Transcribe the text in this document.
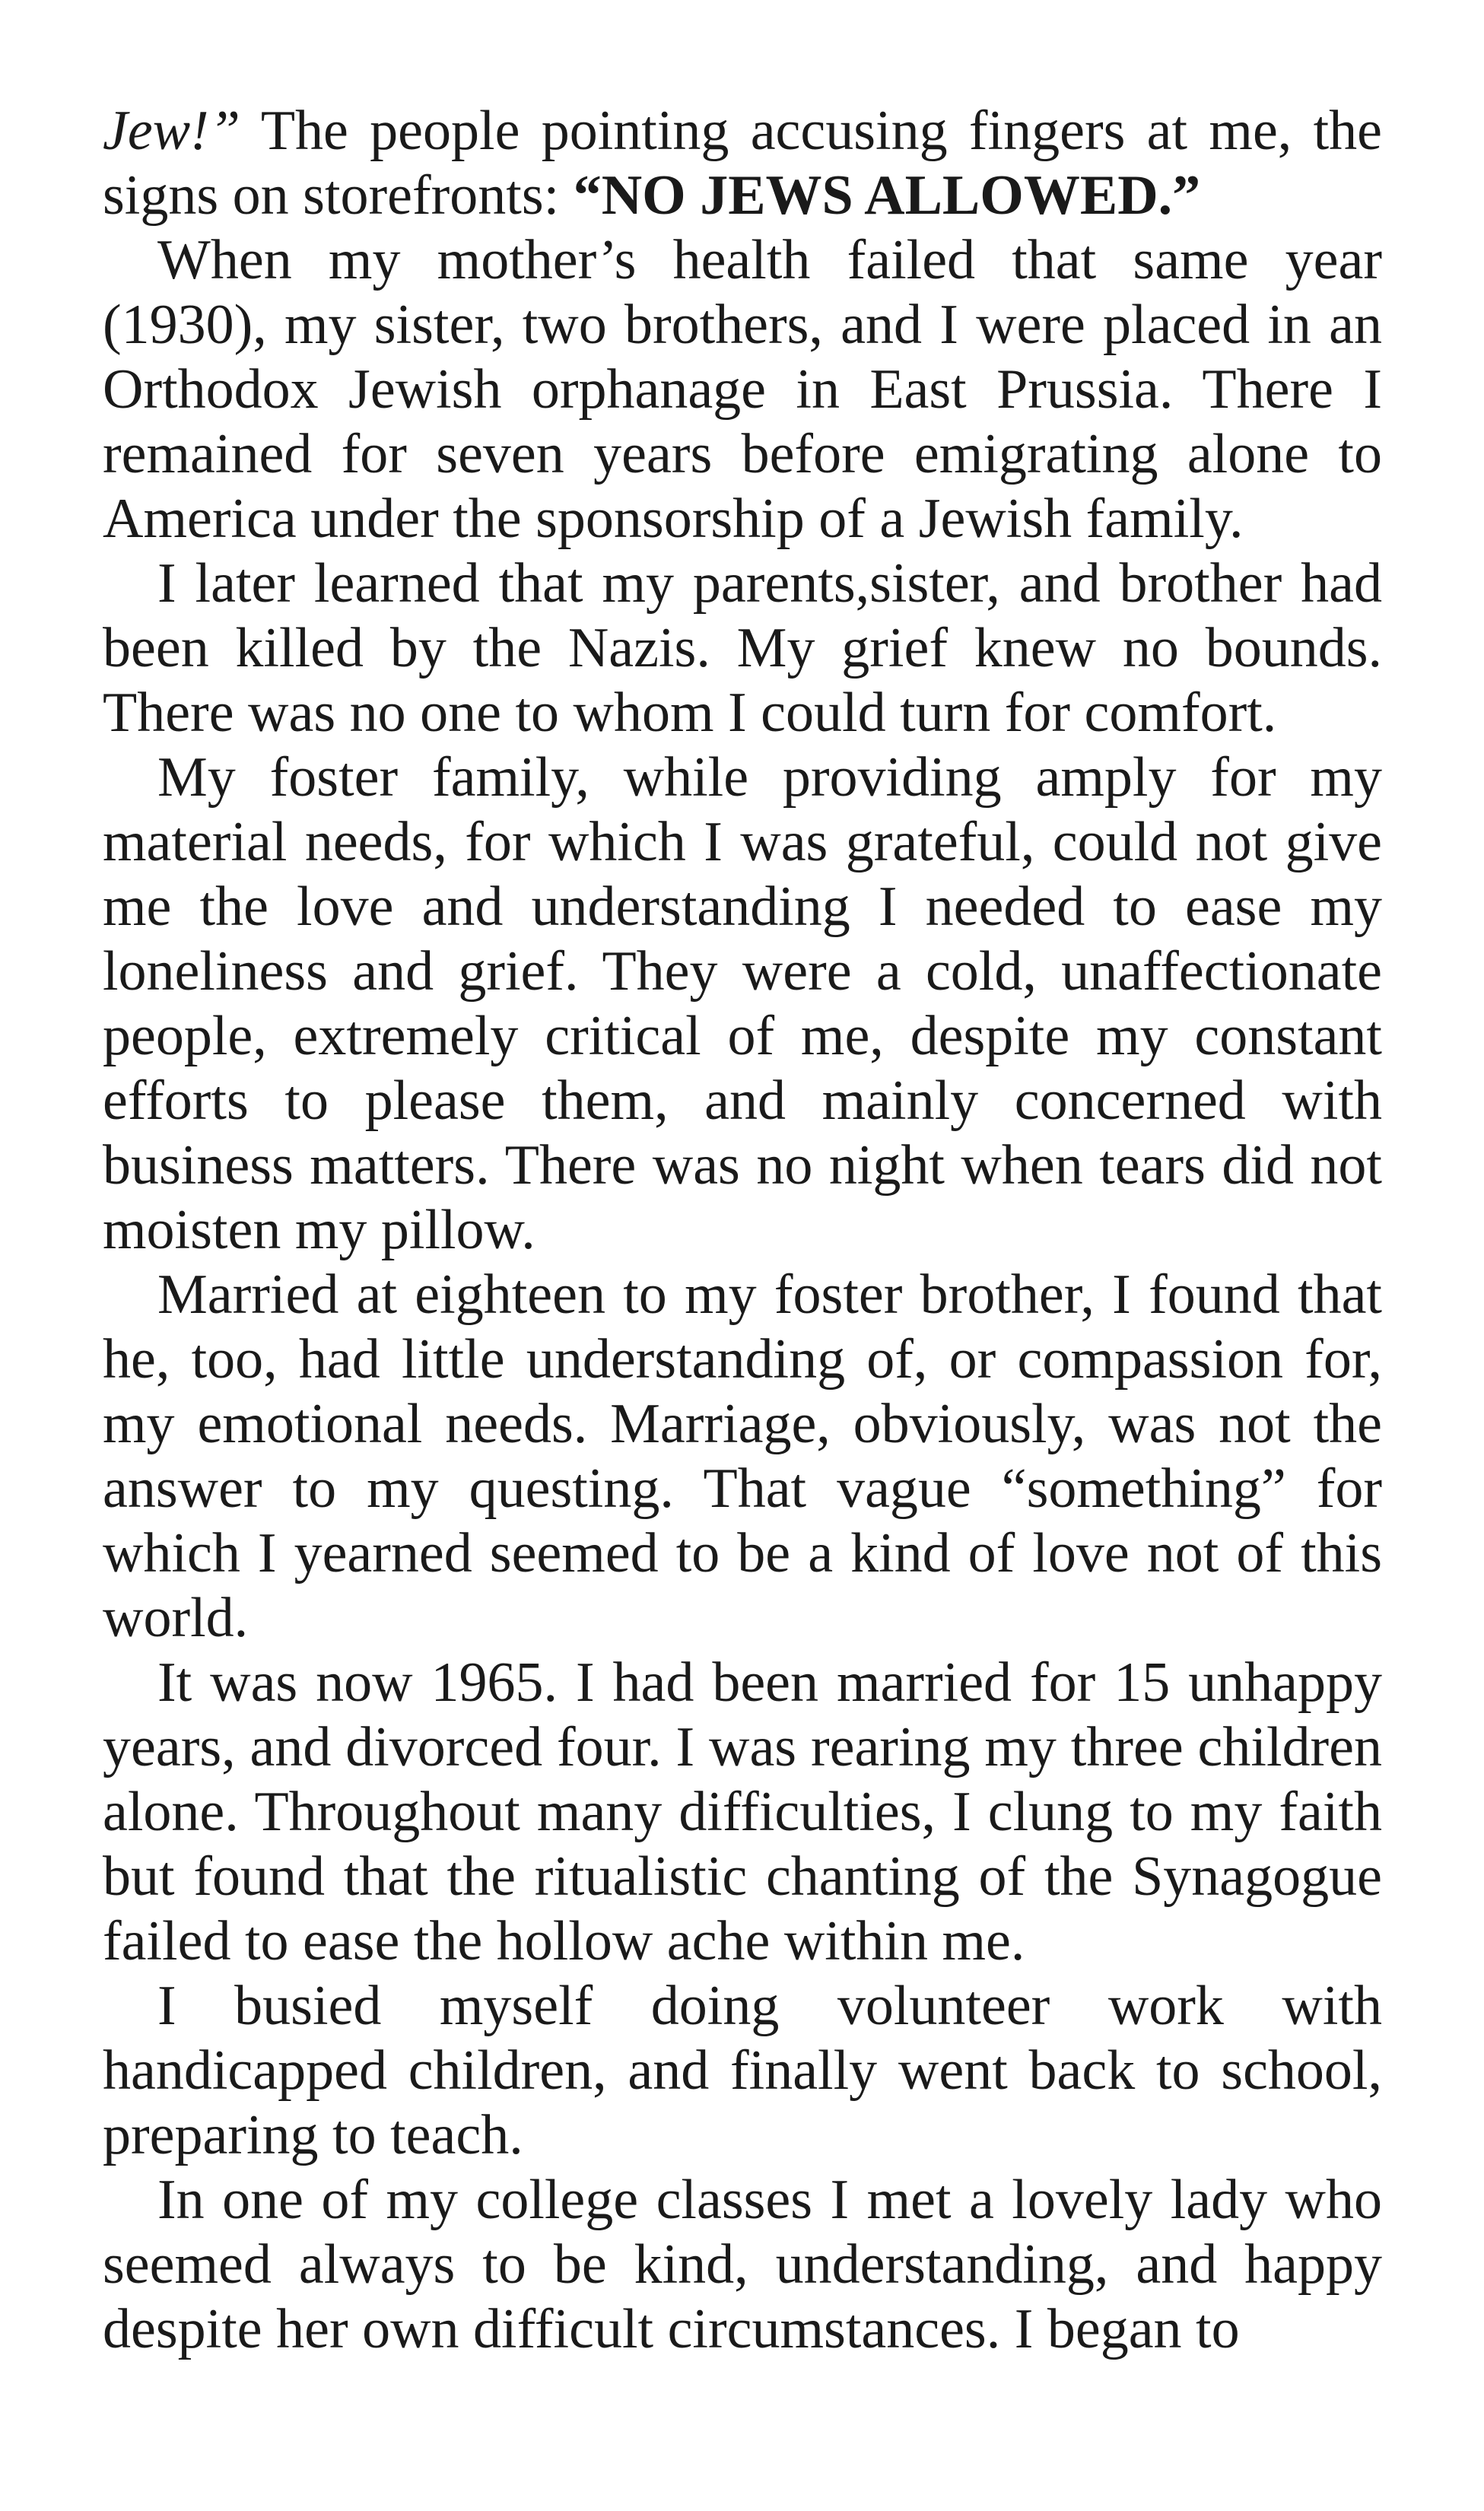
Jew!” The people pointing accusing fingers at me, the signs on storefronts: “NO JEWS ALLOWED.”

When my mother’s health failed that same year (1930), my sister, two brothers, and I were placed in an Orthodox Jewish orphanage in East Prussia. There I remained for seven years before emigrating alone to America under the sponsorship of a Jewish family.

I later learned that my parents,sister, and brother had been killed by the Nazis. My grief knew no bounds. There was no one to whom I could turn for comfort.

My foster family, while providing amply for my material needs, for which I was grateful, could not give me the love and understanding I needed to ease my loneliness and grief. They were a cold, unaffectionate people, extremely critical of me, despite my constant efforts to please them, and mainly concerned with business matters. There was no night when tears did not moisten my pillow.

Married at eighteen to my foster brother, I found that he, too, had little understanding of, or compassion for, my emotional needs. Marriage, obviously, was not the answer to my questing. That vague “something” for which I yearned seemed to be a kind of love not of this world.

It was now 1965. I had been married for 15 unhappy years, and divorced four. I was rearing my three children alone. Throughout many difficulties, I clung to my faith but found that the ritualistic chanting of the Synagogue failed to ease the hollow ache within me.

I busied myself doing volunteer work with handicapped children, and finally went back to school, preparing to teach.

In one of my college classes I met a lovely lady who seemed always to be kind, understanding, and happy despite her own difficult circumstances. I began to
